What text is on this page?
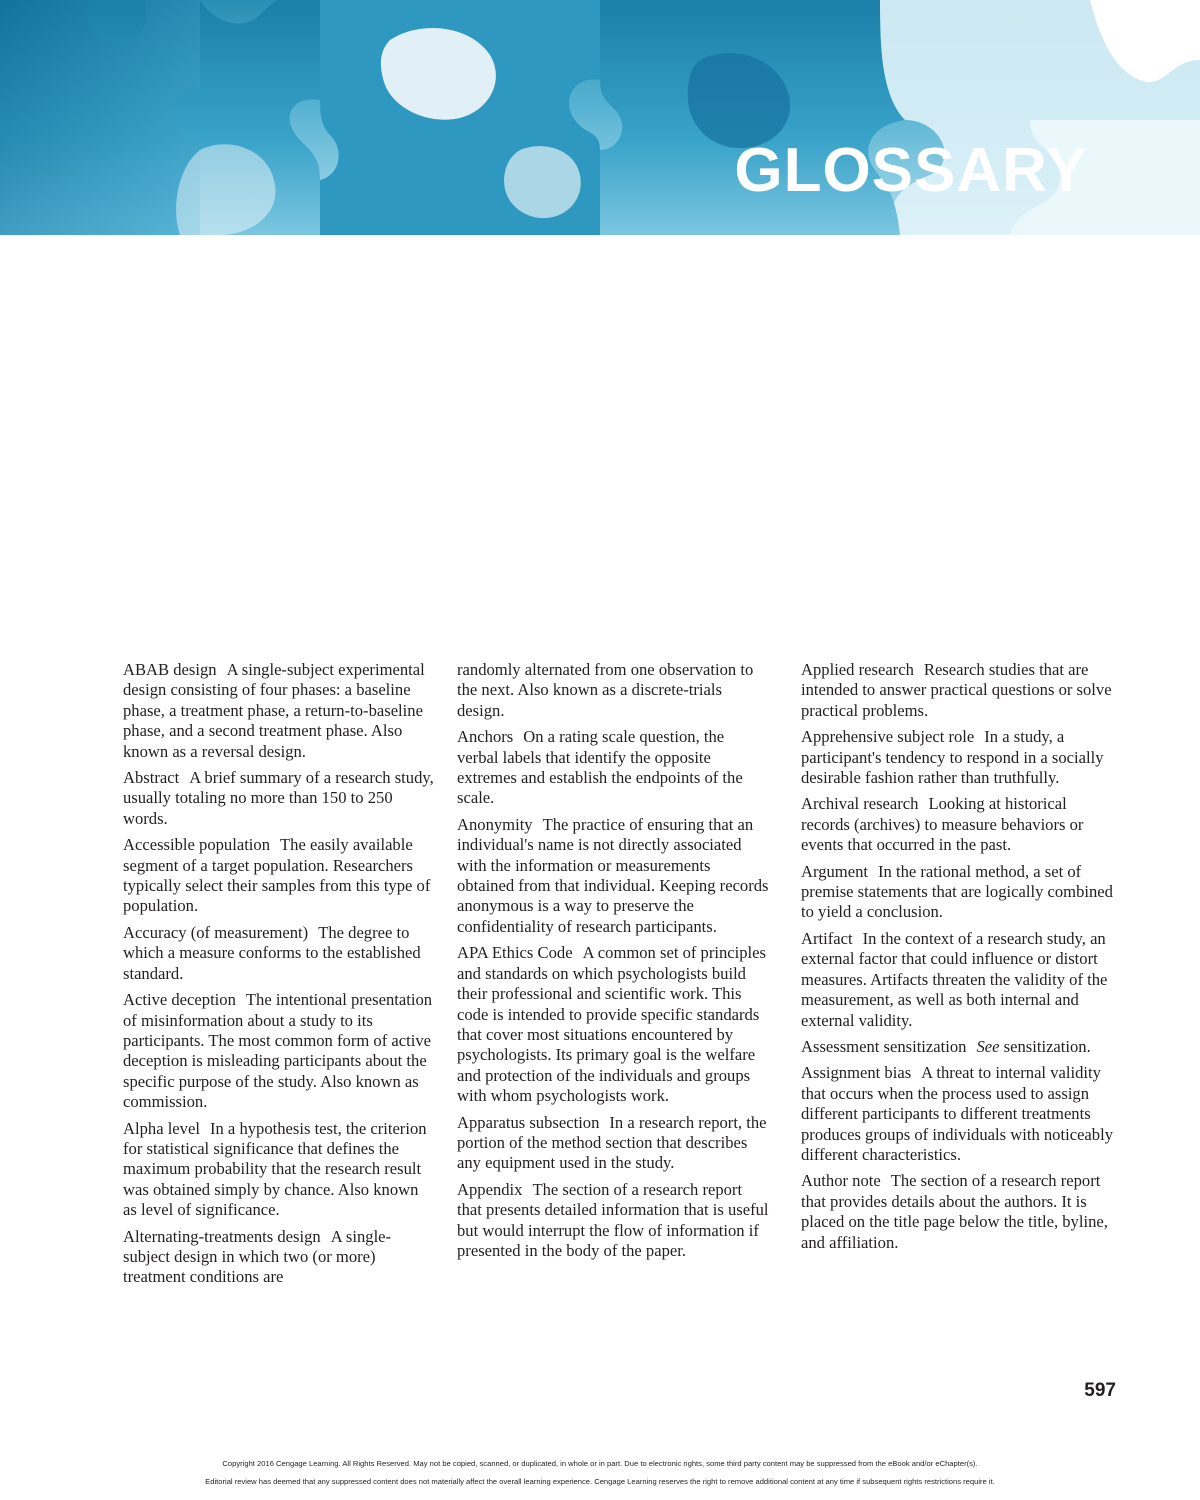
GLOSSARY

ABAB design A single-subject experimental design consisting of four phases: a baseline phase, a treatment phase, a return-to-baseline phase, and a second treatment phase. Also known as a reversal design.

Abstract A brief summary of a research study, usually totaling no more than 150 to 250 words.

Accessible population The easily available segment of a target population. Researchers typically select their samples from this type of population.

Accuracy (of measurement) The degree to which a measure conforms to the established standard.

Active deception The intentional presentation of misinformation about a study to its participants. The most common form of active deception is misleading participants about the specific purpose of the study. Also known as commission.

Alpha level In a hypothesis test, the criterion for statistical significance that defines the maximum probability that the research result was obtained simply by chance. Also known as level of significance.

Alternating-treatments design A single-subject design in which two (or more) treatment conditions are

randomly alternated from one observation to the next. Also known as a discrete-trials design.

Anchors On a rating scale question, the verbal labels that identify the opposite extremes and establish the endpoints of the scale.

Anonymity The practice of ensuring that an individual's name is not directly associated with the information or measurements obtained from that individual. Keeping records anonymous is a way to preserve the confidentiality of research participants.

APA Ethics Code A common set of principles and standards on which psychologists build their professional and scientific work. This code is intended to provide specific standards that cover most situations encountered by psychologists. Its primary goal is the welfare and protection of the individuals and groups with whom psychologists work.

Apparatus subsection In a research report, the portion of the method section that describes any equipment used in the study.

Appendix The section of a research report that presents detailed information that is useful but would interrupt the flow of information if presented in the body of the paper.

Applied research Research studies that are intended to answer practical questions or solve practical problems.

Apprehensive subject role In a study, a participant's tendency to respond in a socially desirable fashion rather than truthfully.

Archival research Looking at historical records (archives) to measure behaviors or events that occurred in the past.

Argument In the rational method, a set of premise statements that are logically combined to yield a conclusion.

Artifact In the context of a research study, an external factor that could influence or distort measures. Artifacts threaten the validity of the measurement, as well as both internal and external validity.

Assessment sensitization See sensitization.

Assignment bias A threat to internal validity that occurs when the process used to assign different participants to different treatments produces groups of individuals with noticeably different characteristics.

Author note The section of a research report that provides details about the authors. It is placed on the title page below the title, byline, and affiliation.

597
Copyright 2016 Cengage Learning. All Rights Reserved. May not be copied, scanned, or duplicated, in whole or in part. Due to electronic rights, some third party content may be suppressed from the eBook and/or eChapter(s).
Editorial review has deemed that any suppressed content does not materially affect the overall learning experience. Cengage Learning reserves the right to remove additional content at any time if subsequent rights restrictions require it.
